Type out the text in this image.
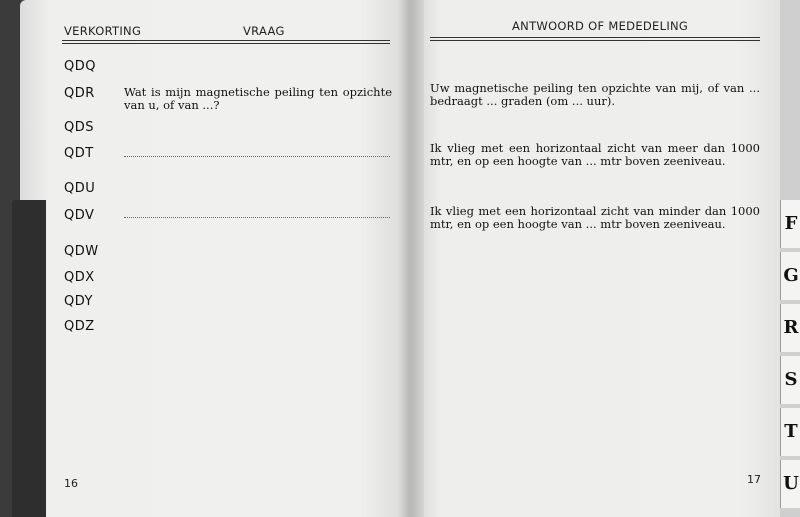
VERKORTING	VRAAG
QDQ
QDR	Wat is mijn magnetische peiling ten opzichte van u, of van ...?
QDS
QDT
QDU
QDV
QDW
QDX
QDY
QDZ
16
ANTWOORD OF MEDEDELING
Uw magnetische peiling ten opzichte van mij, of van ... bedraagt ... graden (om ... uur).
Ik vlieg met een horizontaal zicht van meer dan 1000 mtr, en op een hoogte van ... mtr boven zeeniveau.
Ik vlieg met een horizontaal zicht van minder dan 1000 mtr, en op een hoogte van ... mtr boven zeeniveau.
17
F
G
R
S
T
U
